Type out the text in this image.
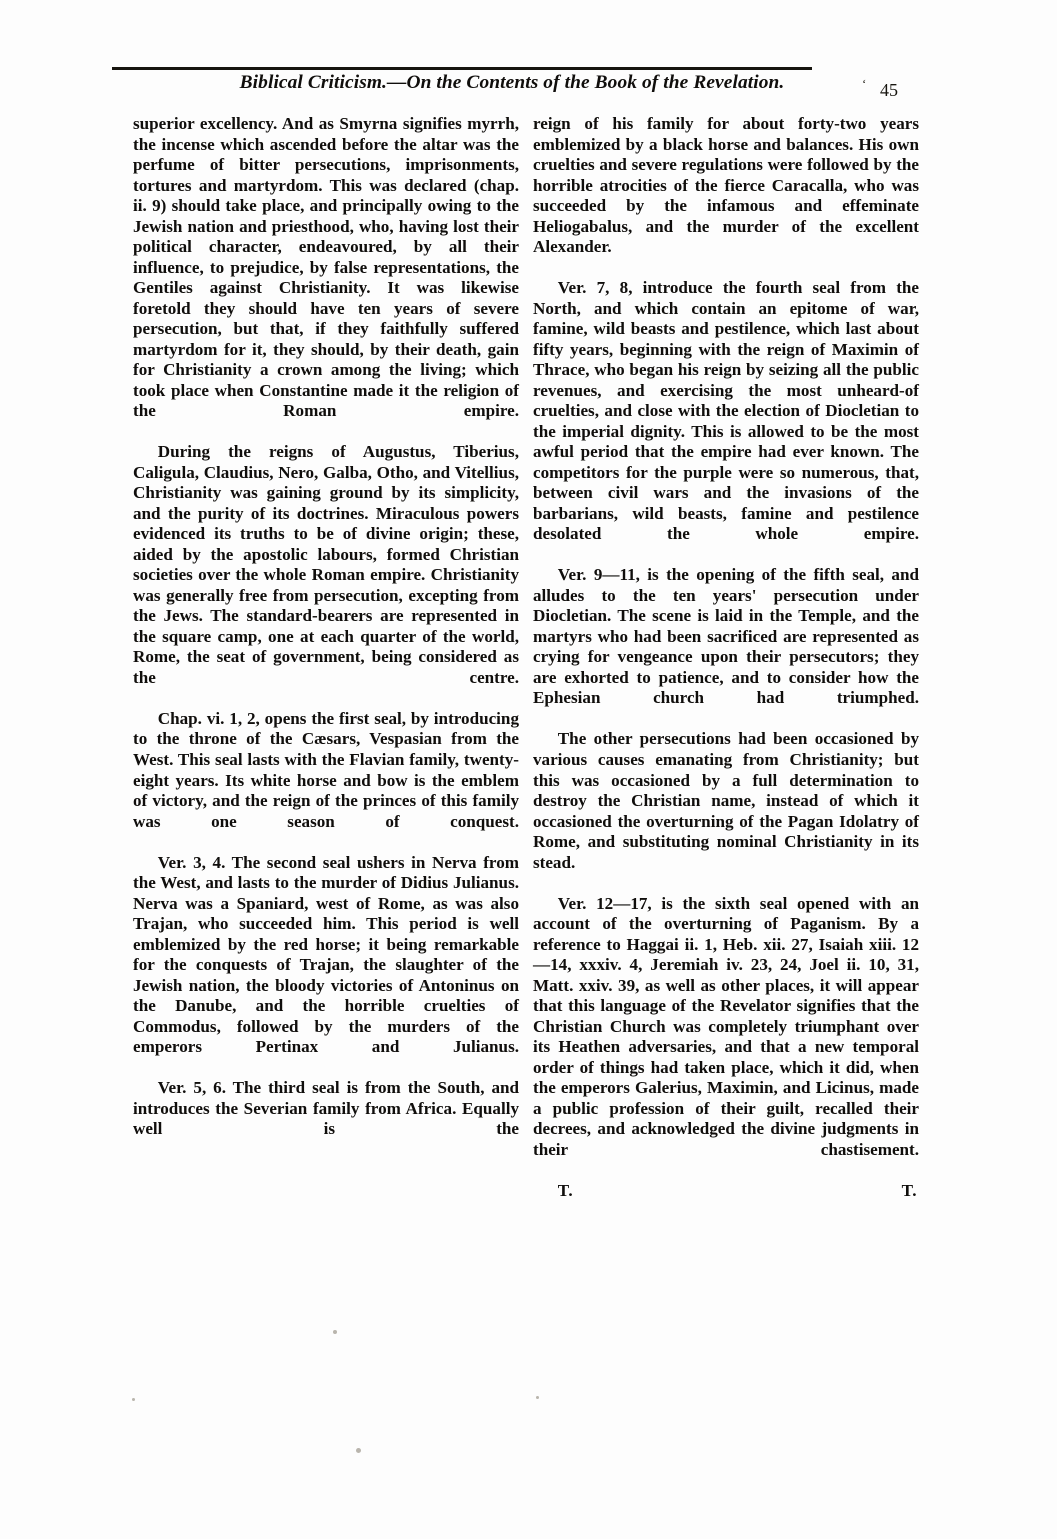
Biblical Criticism.—On the Contents of the Book of the Revelation.	‘ 45

superior excellency. And as Smyrna signifies myrrh, the incense which ascended before the altar was the perfume of bitter persecutions, imprisonments, tortures and martyrdom. This was declared (chap. ii. 9) should take place, and principally owing to the Jewish nation and priesthood, who, having lost their political character, endeavoured, by all their influence, to prejudice, by false representations, the Gentiles against Christianity. It was likewise foretold they should have ten years of severe persecution, but that, if they faithfully suffered martyrdom for it, they should, by their death, gain for Christianity a crown among the living; which took place when Constantine made it the religion of the Roman empire.

During the reigns of Augustus, Tiberius, Caligula, Claudius, Nero, Galba, Otho, and Vitellius, Christianity was gaining ground by its simplicity, and the purity of its doctrines. Miraculous powers evidenced its truths to be of divine origin; these, aided by the apostolic labours, formed Christian societies over the whole Roman empire. Christianity was generally free from persecution, excepting from the Jews. The standard-bearers are represented in the square camp, one at each quarter of the world, Rome, the seat of government, being considered as the centre.

Chap. vi. 1, 2, opens the first seal, by introducing to the throne of the Cæsars, Vespasian from the West. This seal lasts with the Flavian family, twenty-eight years. Its white horse and bow is the emblem of victory, and the reign of the princes of this family was one season of conquest.

Ver. 3, 4. The second seal ushers in Nerva from the West, and lasts to the murder of Didius Julianus. Nerva was a Spaniard, west of Rome, as was also Trajan, who succeeded him. This period is well emblemized by the red horse; it being remarkable for the conquests of Trajan, the slaughter of the Jewish nation, the bloody victories of Antoninus on the Danube, and the horrible cruelties of Commodus, followed by the murders of the emperors Pertinax and Julianus.

Ver. 5, 6. The third seal is from the South, and introduces the Severian family from Africa. Equally well is the

reign of his family for about forty-two years emblemized by a black horse and balances. His own cruelties and severe regulations were followed by the horrible atrocities of the fierce Caracalla, who was succeeded by the infamous and effeminate Heliogabalus, and the murder of the excellent Alexander.

Ver. 7, 8, introduce the fourth seal from the North, and which contain an epitome of war, famine, wild beasts and pestilence, which last about fifty years, beginning with the reign of Maximin of Thrace, who began his reign by seizing all the public revenues, and exercising the most unheard-of cruelties, and close with the election of Diocletian to the imperial dignity. This is allowed to be the most awful period that the empire had ever known. The competitors for the purple were so numerous, that, between civil wars and the invasions of the barbarians, wild beasts, famine and pestilence desolated the whole empire.

Ver. 9—11, is the opening of the fifth seal, and alludes to the ten years' persecution under Diocletian. The scene is laid in the Temple, and the martyrs who had been sacrificed are represented as crying for vengeance upon their persecutors; they are exhorted to patience, and to consider how the Ephesian church had triumphed.

The other persecutions had been occasioned by various causes emanating from Christianity; but this was occasioned by a full determination to destroy the Christian name, instead of which it occasioned the overturning of the Pagan Idolatry of Rome, and substituting nominal Christianity in its stead.

Ver. 12—17, is the sixth seal opened with an account of the overturning of Paganism. By a reference to Haggai ii. 1, Heb. xii. 27, Isaiah xiii. 12—14, xxxiv. 4, Jeremiah iv. 23, 24, Joel ii. 10, 31, Matt. xxiv. 39, as well as other places, it will appear that this language of the Revelator signifies that the Christian Church was completely triumphant over its Heathen adversaries, and that a new temporal order of things had taken place, which it did, when the emperors Galerius, Maximin, and Licinus, made a public profession of their guilt, recalled their decrees, and acknowledged the divine judgments in their chastisement.

T. T.
